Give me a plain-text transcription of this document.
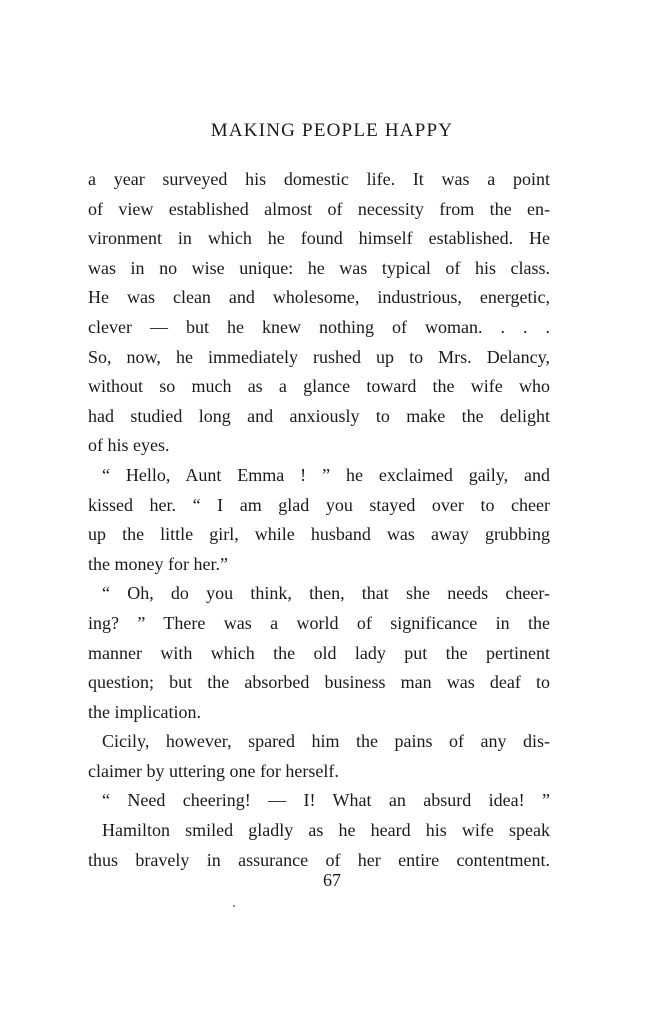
MAKING PEOPLE HAPPY
a year surveyed his domestic life. It was a point
of view established almost of necessity from the en-
vironment in which he found himself established. He
was in no wise unique: he was typical of his class.
He was clean and wholesome, industrious, energetic,
clever — but he knew nothing of woman. . . .
So, now, he immediately rushed up to Mrs. Delancy,
without so much as a glance toward the wife who
had studied long and anxiously to make the delight
of his eyes.
“ Hello, Aunt Emma ! ” he exclaimed gaily, and
kissed her. “ I am glad you stayed over to cheer
up the little girl, while husband was away grubbing
the money for her.”
“ Oh, do you think, then, that she needs cheer-
ing? ” There was a world of significance in the
manner with which the old lady put the pertinent
question; but the absorbed business man was deaf to
the implication.
Cicily, however, spared him the pains of any dis-
claimer by uttering one for herself.
“ Need cheering! — I! What an absurd idea! ”
Hamilton smiled gladly as he heard his wife speak
thus bravely in assurance of her entire contentment.
67
